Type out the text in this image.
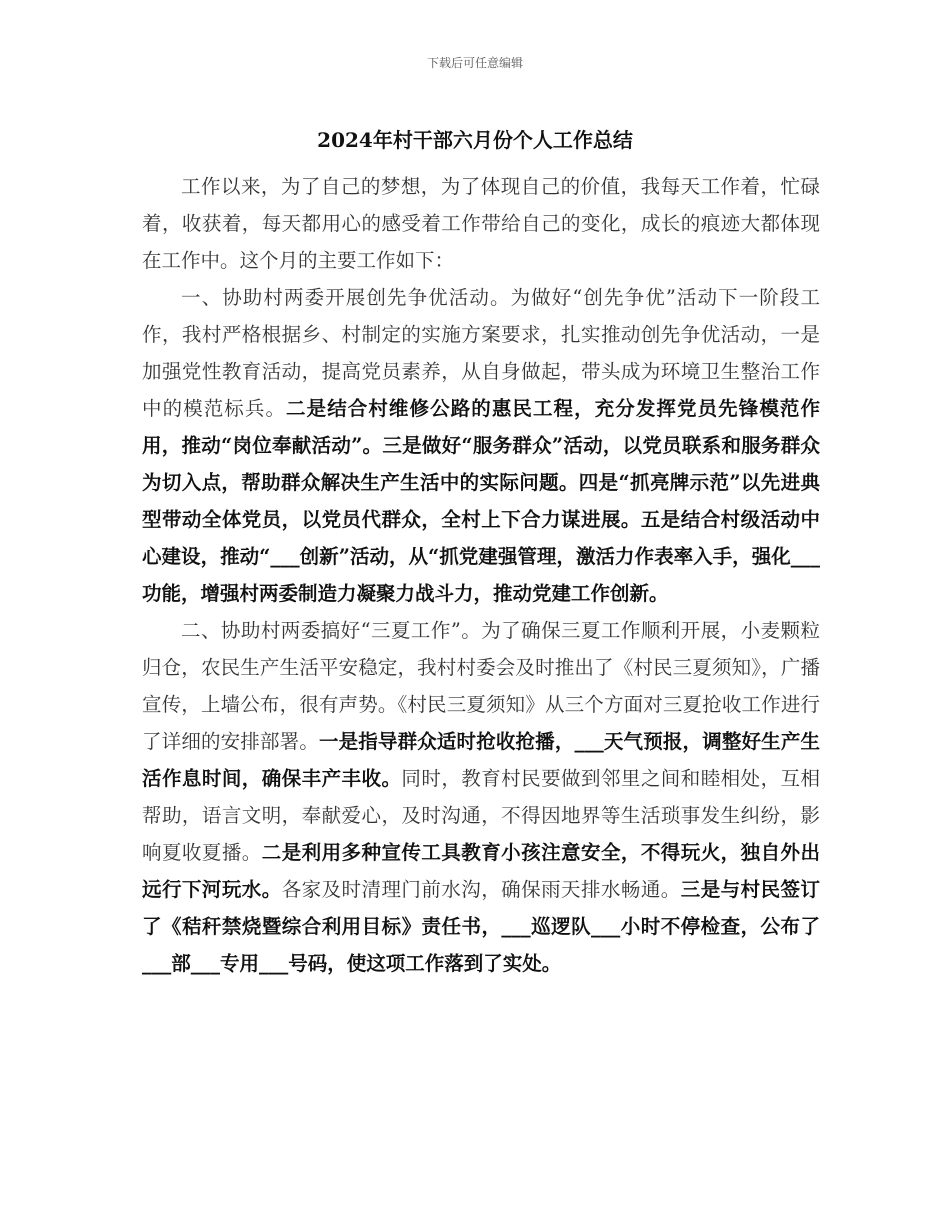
下载后可任意编辑
2024年村干部六月份个人工作总结

工作以来，为了自己的梦想，为了体现自己的价值，我每天工作着，忙碌着，收获着，每天都用心的感受着工作带给自己的变化，成长的痕迹大都体现在工作中。这个月的主要工作如下：

一、协助村两委开展创先争优活动。为做好“创先争优”活动下一阶段工作，我村严格根据乡、村制定的实施方案要求，扎实推动创先争优活动，一是加强党性教育活动，提高党员素养，从自身做起，带头成为环境卫生整治工作中的模范标兵。二是结合村维修公路的惠民工程，充分发挥党员先锋模范作用，推动“岗位奉献活动”。三是做好“服务群众”活动，以党员联系和服务群众为切入点，帮助群众解决生产生活中的实际问题。四是“抓亮牌示范”以先进典型带动全体党员，以党员代群众，全村上下合力谋进展。五是结合村级活动中心建设，推动“___创新”活动，从“抓党建强管理，激活力作表率入手，强化___功能，增强村两委制造力凝聚力战斗力，推动党建工作创新。

二、协助村两委搞好“三夏工作”。为了确保三夏工作顺利开展，小麦颗粒归仓，农民生产生活平安稳定，我村村委会及时推出了《村民三夏须知》，广播宣传，上墙公布，很有声势。《村民三夏须知》从三个方面对三夏抢收工作进行了详细的安排部署。一是指导群众适时抢收抢播，___天气预报，调整好生产生活作息时间，确保丰产丰收。同时，教育村民要做到邻里之间和睦相处，互相帮助，语言文明，奉献爱心，及时沟通，不得因地界等生活琐事发生纠纷，影响夏收夏播。二是利用多种宣传工具教育小孩注意安全，不得玩火，独自外出远行下河玩水。各家及时清理门前水沟，确保雨天排水畅通。三是与村民签订了《秸秆禁烧暨综合利用目标》责任书，___巡逻队___小时不停检查，公布了___部___专用___号码，使这项工作落到了实处。
